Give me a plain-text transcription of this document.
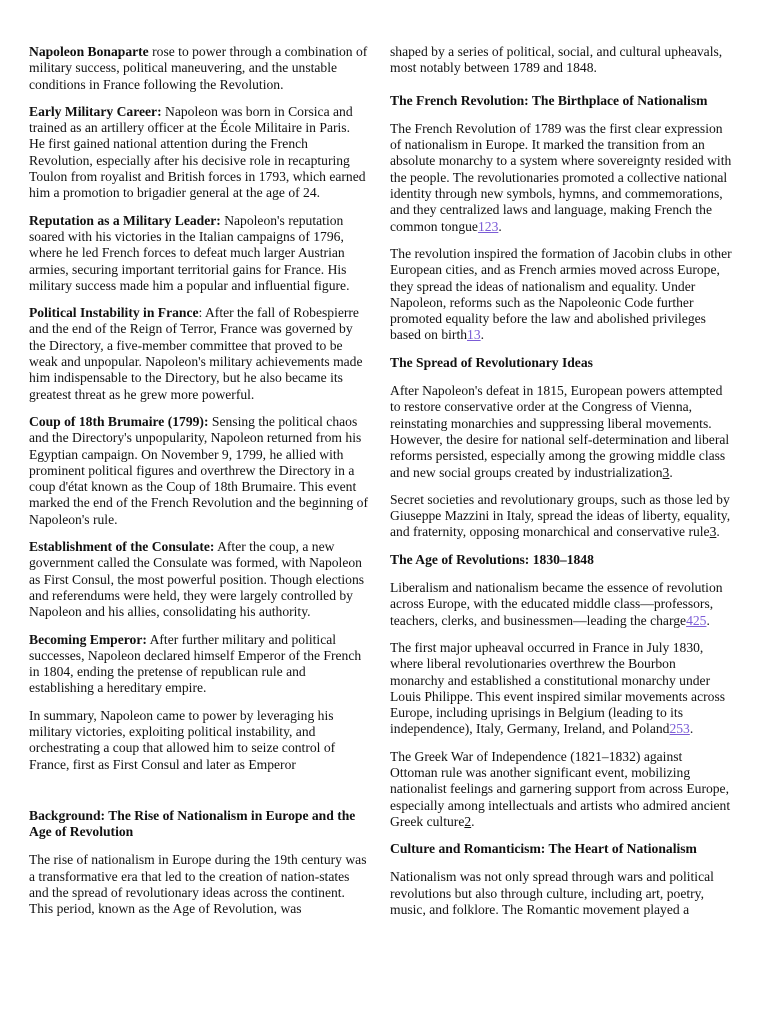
Napoleon Bonaparte rose to power through a combination of military success, political maneuvering, and the unstable conditions in France following the Revolution.

Early Military Career: Napoleon was born in Corsica and trained as an artillery officer at the École Militaire in Paris. He first gained national attention during the French Revolution, especially after his decisive role in recapturing Toulon from royalist and British forces in 1793, which earned him a promotion to brigadier general at the age of 24.

Reputation as a Military Leader: Napoleon's reputation soared with his victories in the Italian campaigns of 1796, where he led French forces to defeat much larger Austrian armies, securing important territorial gains for France. His military success made him a popular and influential figure.

Political Instability in France: After the fall of Robespierre and the end of the Reign of Terror, France was governed by the Directory, a five-member committee that proved to be weak and unpopular. Napoleon's military achievements made him indispensable to the Directory, but he also became its greatest threat as he grew more powerful.

Coup of 18th Brumaire (1799): Sensing the political chaos and the Directory's unpopularity, Napoleon returned from his Egyptian campaign. On November 9, 1799, he allied with prominent political figures and overthrew the Directory in a coup d'état known as the Coup of 18th Brumaire. This event marked the end of the French Revolution and the beginning of Napoleon's rule.

Establishment of the Consulate: After the coup, a new government called the Consulate was formed, with Napoleon as First Consul, the most powerful position. Though elections and referendums were held, they were largely controlled by Napoleon and his allies, consolidating his authority.

Becoming Emperor: After further military and political successes, Napoleon declared himself Emperor of the French in 1804, ending the pretense of republican rule and establishing a hereditary empire.

In summary, Napoleon came to power by leveraging his military victories, exploiting political instability, and orchestrating a coup that allowed him to seize control of France, first as First Consul and later as Emperor

Background: The Rise of Nationalism in Europe and the Age of Revolution

The rise of nationalism in Europe during the 19th century was a transformative era that led to the creation of nation-states and the spread of revolutionary ideas across the continent. This period, known as the Age of Revolution, was

shaped by a series of political, social, and cultural upheavals, most notably between 1789 and 1848.

The French Revolution: The Birthplace of Nationalism

The French Revolution of 1789 was the first clear expression of nationalism in Europe. It marked the transition from an absolute monarchy to a system where sovereignty resided with the people. The revolutionaries promoted a collective national identity through new symbols, hymns, and commemorations, and they centralized laws and language, making French the common tongue123.

The revolution inspired the formation of Jacobin clubs in other European cities, and as French armies moved across Europe, they spread the ideas of nationalism and equality. Under Napoleon, reforms such as the Napoleonic Code further promoted equality before the law and abolished privileges based on birth13.

The Spread of Revolutionary Ideas

After Napoleon's defeat in 1815, European powers attempted to restore conservative order at the Congress of Vienna, reinstating monarchies and suppressing liberal movements. However, the desire for national self-determination and liberal reforms persisted, especially among the growing middle class and new social groups created by industrialization3.

Secret societies and revolutionary groups, such as those led by Giuseppe Mazzini in Italy, spread the ideas of liberty, equality, and fraternity, opposing monarchical and conservative rule3.

The Age of Revolutions: 1830–1848

Liberalism and nationalism became the essence of revolution across Europe, with the educated middle class—professors, teachers, clerks, and businessmen—leading the charge425.

The first major upheaval occurred in France in July 1830, where liberal revolutionaries overthrew the Bourbon monarchy and established a constitutional monarchy under Louis Philippe. This event inspired similar movements across Europe, including uprisings in Belgium (leading to its independence), Italy, Germany, Ireland, and Poland253.

The Greek War of Independence (1821–1832) against Ottoman rule was another significant event, mobilizing nationalist feelings and garnering support from across Europe, especially among intellectuals and artists who admired ancient Greek culture2.

Culture and Romanticism: The Heart of Nationalism

Nationalism was not only spread through wars and political revolutions but also through culture, including art, poetry, music, and folklore. The Romantic movement played a
